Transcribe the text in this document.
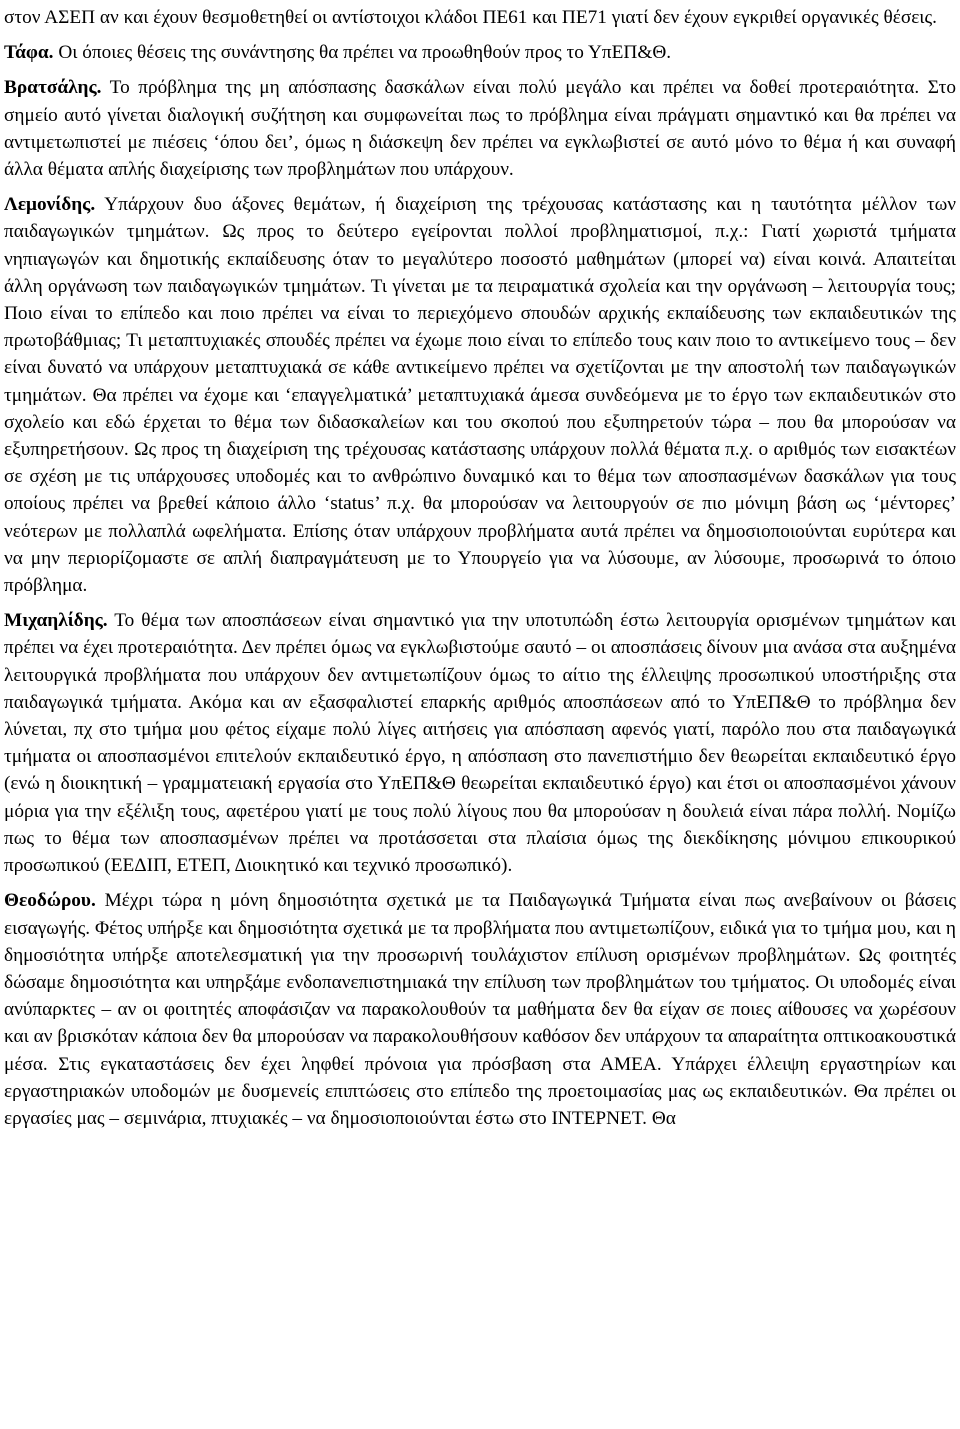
στον ΑΣΕΠ αν και έχουν θεσμοθετηθεί οι αντίστοιχοι κλάδοι ΠΕ61 και ΠΕ71 γιατί δεν έχουν εγκριθεί οργανικές θέσεις.

Τάφα. Οι όποιες θέσεις της συνάντησης θα πρέπει να προωθηθούν προς το ΥπΕΠ&Θ.

Βρατσάλης. Το πρόβλημα της μη απόσπασης δασκάλων είναι πολύ μεγάλο και πρέπει να δοθεί προτεραιότητα. Στο σημείο αυτό γίνεται διαλογική συζήτηση και συμφωνείται πως το πρόβλημα είναι πράγματι σημαντικό και θα πρέπει να αντιμετωπιστεί με πιέσεις ‘όπου δει’, όμως η διάσκεψη δεν πρέπει να εγκλωβιστεί σε αυτό μόνο το θέμα ή και συναφή άλλα θέματα απλής διαχείρισης των προβλημάτων που υπάρχουν.

Λεμονίδης. Υπάρχουν δυο άξονες θεμάτων, ή διαχείριση της τρέχουσας κατάστασης και η ταυτότητα μέλλον των παιδαγωγικών τμημάτων. Ως προς το δεύτερο εγείρονται πολλοί προβληματισμοί, π.χ.: Γιατί χωριστά τμήματα νηπιαγωγών και δημοτικής εκπαίδευσης όταν το μεγαλύτερο ποσοστό μαθημάτων (μπορεί να) είναι κοινά. Απαιτείται άλλη οργάνωση των παιδαγωγικών τμημάτων. Τι γίνεται με τα πειραματικά σχολεία και την οργάνωση – λειτουργία τους; Ποιο είναι το επίπεδο και ποιο πρέπει να είναι το περιεχόμενο σπουδών αρχικής εκπαίδευσης των εκπαιδευτικών της πρωτοβάθμιας; Τι μεταπτυχιακές σπουδές πρέπει να έχωμε ποιο είναι το επίπεδο τους καιν ποιο το αντικείμενο τους – δεν είναι δυνατό να υπάρχουν μεταπτυχιακά σε κάθε αντικείμενο πρέπει να σχετίζονται με την αποστολή των παιδαγωγικών τμημάτων. Θα πρέπει να έχομε και ‘επαγγελματικά’ μεταπτυχιακά άμεσα συνδεόμενα με το έργο των εκπαιδευτικών στο σχολείο και εδώ έρχεται το θέμα των διδασκαλείων και του σκοπού που εξυπηρετούν τώρα – που θα μπορούσαν να εξυπηρετήσουν. Ως προς τη διαχείριση της τρέχουσας κατάστασης υπάρχουν πολλά θέματα π.χ. ο αριθμός των εισακτέων σε σχέση με τις υπάρχουσες υποδομές και το ανθρώπινο δυναμικό και το θέμα των αποσπασμένων δασκάλων για τους οποίους πρέπει να βρεθεί κάποιο άλλο ‘status’ π.χ. θα μπορούσαν να λειτουργούν σε πιο μόνιμη βάση ως ‘μέντορες’ νεότερων με πολλαπλά ωφελήματα. Επίσης όταν υπάρχουν προβλήματα αυτά πρέπει να δημοσιοποιούνται ευρύτερα και να μην περιορίζομαστε σε απλή διαπραγμάτευση με το Υπουργείο για να λύσουμε, αν λύσουμε, προσωρινά το όποιο πρόβλημα.

Μιχαηλίδης. Το θέμα των αποσπάσεων είναι σημαντικό για την υποτυπώδη έστω λειτουργία ορισμένων τμημάτων και πρέπει να έχει προτεραιότητα. Δεν πρέπει όμως να εγκλωβιστούμε σαυτό – οι αποσπάσεις δίνουν μια ανάσα στα αυξημένα λειτουργικά προβλήματα που υπάρχουν δεν αντιμετωπίζουν όμως το αίτιο της έλλειψης προσωπικού υποστήριξης στα παιδαγωγικά τμήματα. Ακόμα και αν εξασφαλιστεί επαρκής αριθμός αποσπάσεων από το ΥπΕΠ&Θ το πρόβλημα δεν λύνεται, πχ στο τμήμα μου φέτος είχαμε πολύ λίγες αιτήσεις για απόσπαση αφενός γιατί, παρόλο που στα παιδαγωγικά τμήματα οι αποσπασμένοι επιτελούν εκπαιδευτικό έργο, η απόσπαση στο πανεπιστήμιο δεν θεωρείται εκπαιδευτικό έργο (ενώ η διοικητική – γραμματειακή εργασία στο ΥπΕΠ&Θ θεωρείται εκπαιδευτικό έργο) και έτσι οι αποσπασμένοι χάνουν μόρια για την εξέλιξη τους, αφετέρου γιατί με τους πολύ λίγους που θα μπορούσαν η δουλειά είναι πάρα πολλή. Νομίζω πως το θέμα των αποσπασμένων πρέπει να προτάσσεται στα πλαίσια όμως της διεκδίκησης μόνιμου επικουρικού προσωπικού (ΕΕΔΙΠ, ΕΤΕΠ, Διοικητικό και τεχνικό προσωπικό).

Θεοδώρου. Μέχρι τώρα η μόνη δημοσιότητα σχετικά με τα Παιδαγωγικά Τμήματα είναι πως ανεβαίνουν οι βάσεις εισαγωγής. Φέτος υπήρξε και δημοσιότητα σχετικά με τα προβλήματα που αντιμετωπίζουν, ειδικά για το τμήμα μου, και η δημοσιότητα υπήρξε αποτελεσματική για την προσωρινή τουλάχιστον επίλυση ορισμένων προβλημάτων. Ως φοιτητές δώσαμε δημοσιότητα και υπηρξάμε ενδοπανεπιστημιακά την επίλυση των προβλημάτων του τμήματος. Οι υποδομές είναι ανύπαρκτες – αν οι φοιτητές αποφάσιζαν να παρακολουθούν τα μαθήματα δεν θα είχαν σε ποιες αίθουσες να χωρέσουν και αν βρισκόταν κάποια δεν θα μπορούσαν να παρακολουθήσουν καθόσον δεν υπάρχουν τα απαραίτητα οπτικοακουστικά μέσα. Στις εγκαταστάσεις δεν έχει ληφθεί πρόνοια για πρόσβαση στα ΑΜΕΑ. Υπάρχει έλλειψη εργαστηρίων και εργαστηριακών υποδομών με δυσμενείς επιπτώσεις στο επίπεδο της προετοιμασίας μας ως εκπαιδευτικών. Θα πρέπει οι εργασίες μας – σεμινάρια, πτυχιακές – να δημοσιοποιούνται έστω στο ΙΝΤΕΡΝΕΤ. Θα
